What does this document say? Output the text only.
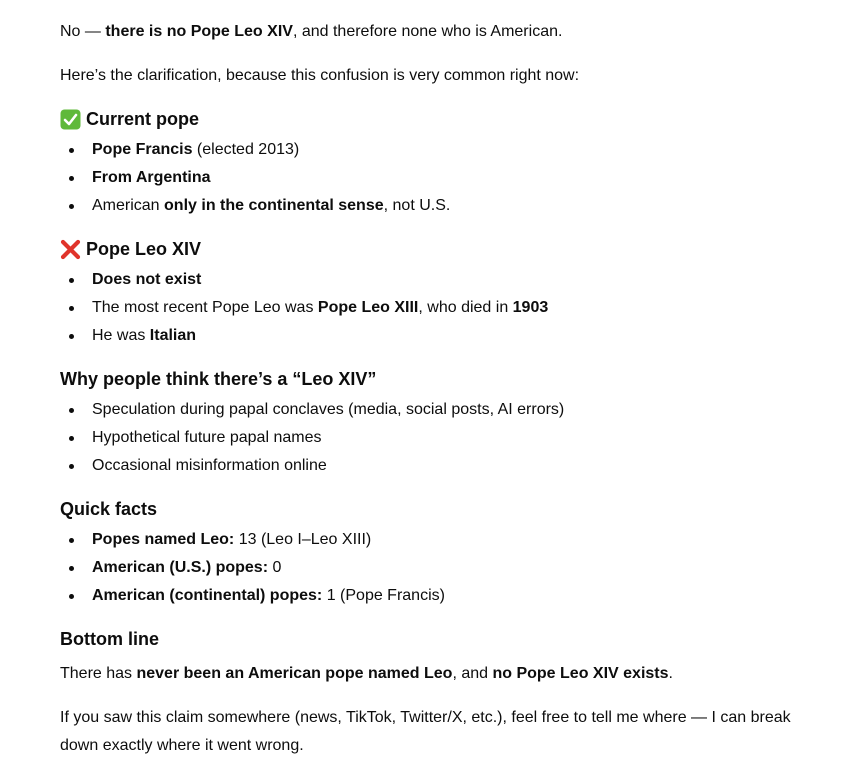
No — there is no Pope Leo XIV, and therefore none who is American.

Here’s the clarification, because this confusion is very common right now:

Current pope
Pope Francis (elected 2013)
From Argentina
American only in the continental sense, not U.S.
Pope Leo XIV
Does not exist
The most recent Pope Leo was Pope Leo XIII, who died in 1903
He was Italian
Why people think there’s a “Leo XIV”
Speculation during papal conclaves (media, social posts, AI errors)
Hypothetical future papal names
Occasional misinformation online
Quick facts
Popes named Leo: 13 (Leo I–Leo XIII)
American (U.S.) popes: 0
American (continental) popes: 1 (Pope Francis)
Bottom line

There has never been an American pope named Leo, and no Pope Leo XIV exists.

If you saw this claim somewhere (news, TikTok, Twitter/X, etc.), feel free to tell me where — I can break down exactly where it went wrong.
